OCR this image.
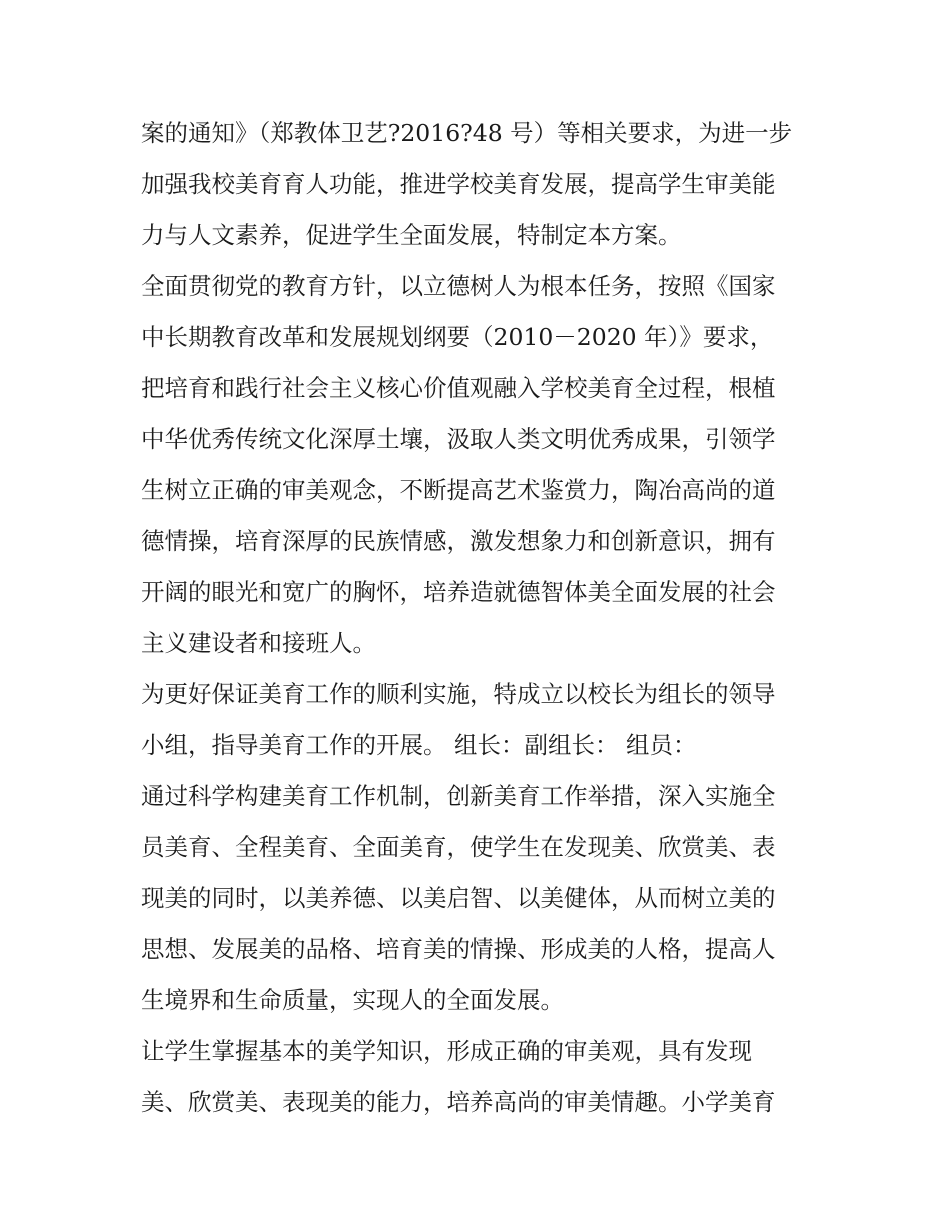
案的通知》（郑教体卫艺?2016?48 号）等相关要求，为进一步
加强我校美育育人功能，推进学校美育发展，提高学生审美能
力与人文素养，促进学生全面发展，特制定本方案。
全面贯彻党的教育方针，以立德树人为根本任务，按照《国家
中长期教育改革和发展规划纲要（2010－2020 年）》要求，
把培育和践行社会主义核心价值观融入学校美育全过程，根植
中华优秀传统文化深厚土壤，汲取人类文明优秀成果，引领学
生树立正确的审美观念，不断提高艺术鉴赏力，陶冶高尚的道
德情操，培育深厚的民族情感，激发想象力和创新意识，拥有
开阔的眼光和宽广的胸怀，培养造就德智体美全面发展的社会
主义建设者和接班人。
为更好保证美育工作的顺利实施，特成立以校长为组长的领导
小组，指导美育工作的开展。 组长：副组长： 组员：
通过科学构建美育工作机制，创新美育工作举措，深入实施全
员美育、全程美育、全面美育，使学生在发现美、欣赏美、表
现美的同时，以美养德、以美启智、以美健体，从而树立美的
思想、发展美的品格、培育美的情操、形成美的人格，提高人
生境界和生命质量，实现人的全面发展。
让学生掌握基本的美学知识，形成正确的审美观，具有发现
美、欣赏美、表现美的能力，培养高尚的审美情趣。小学美育
